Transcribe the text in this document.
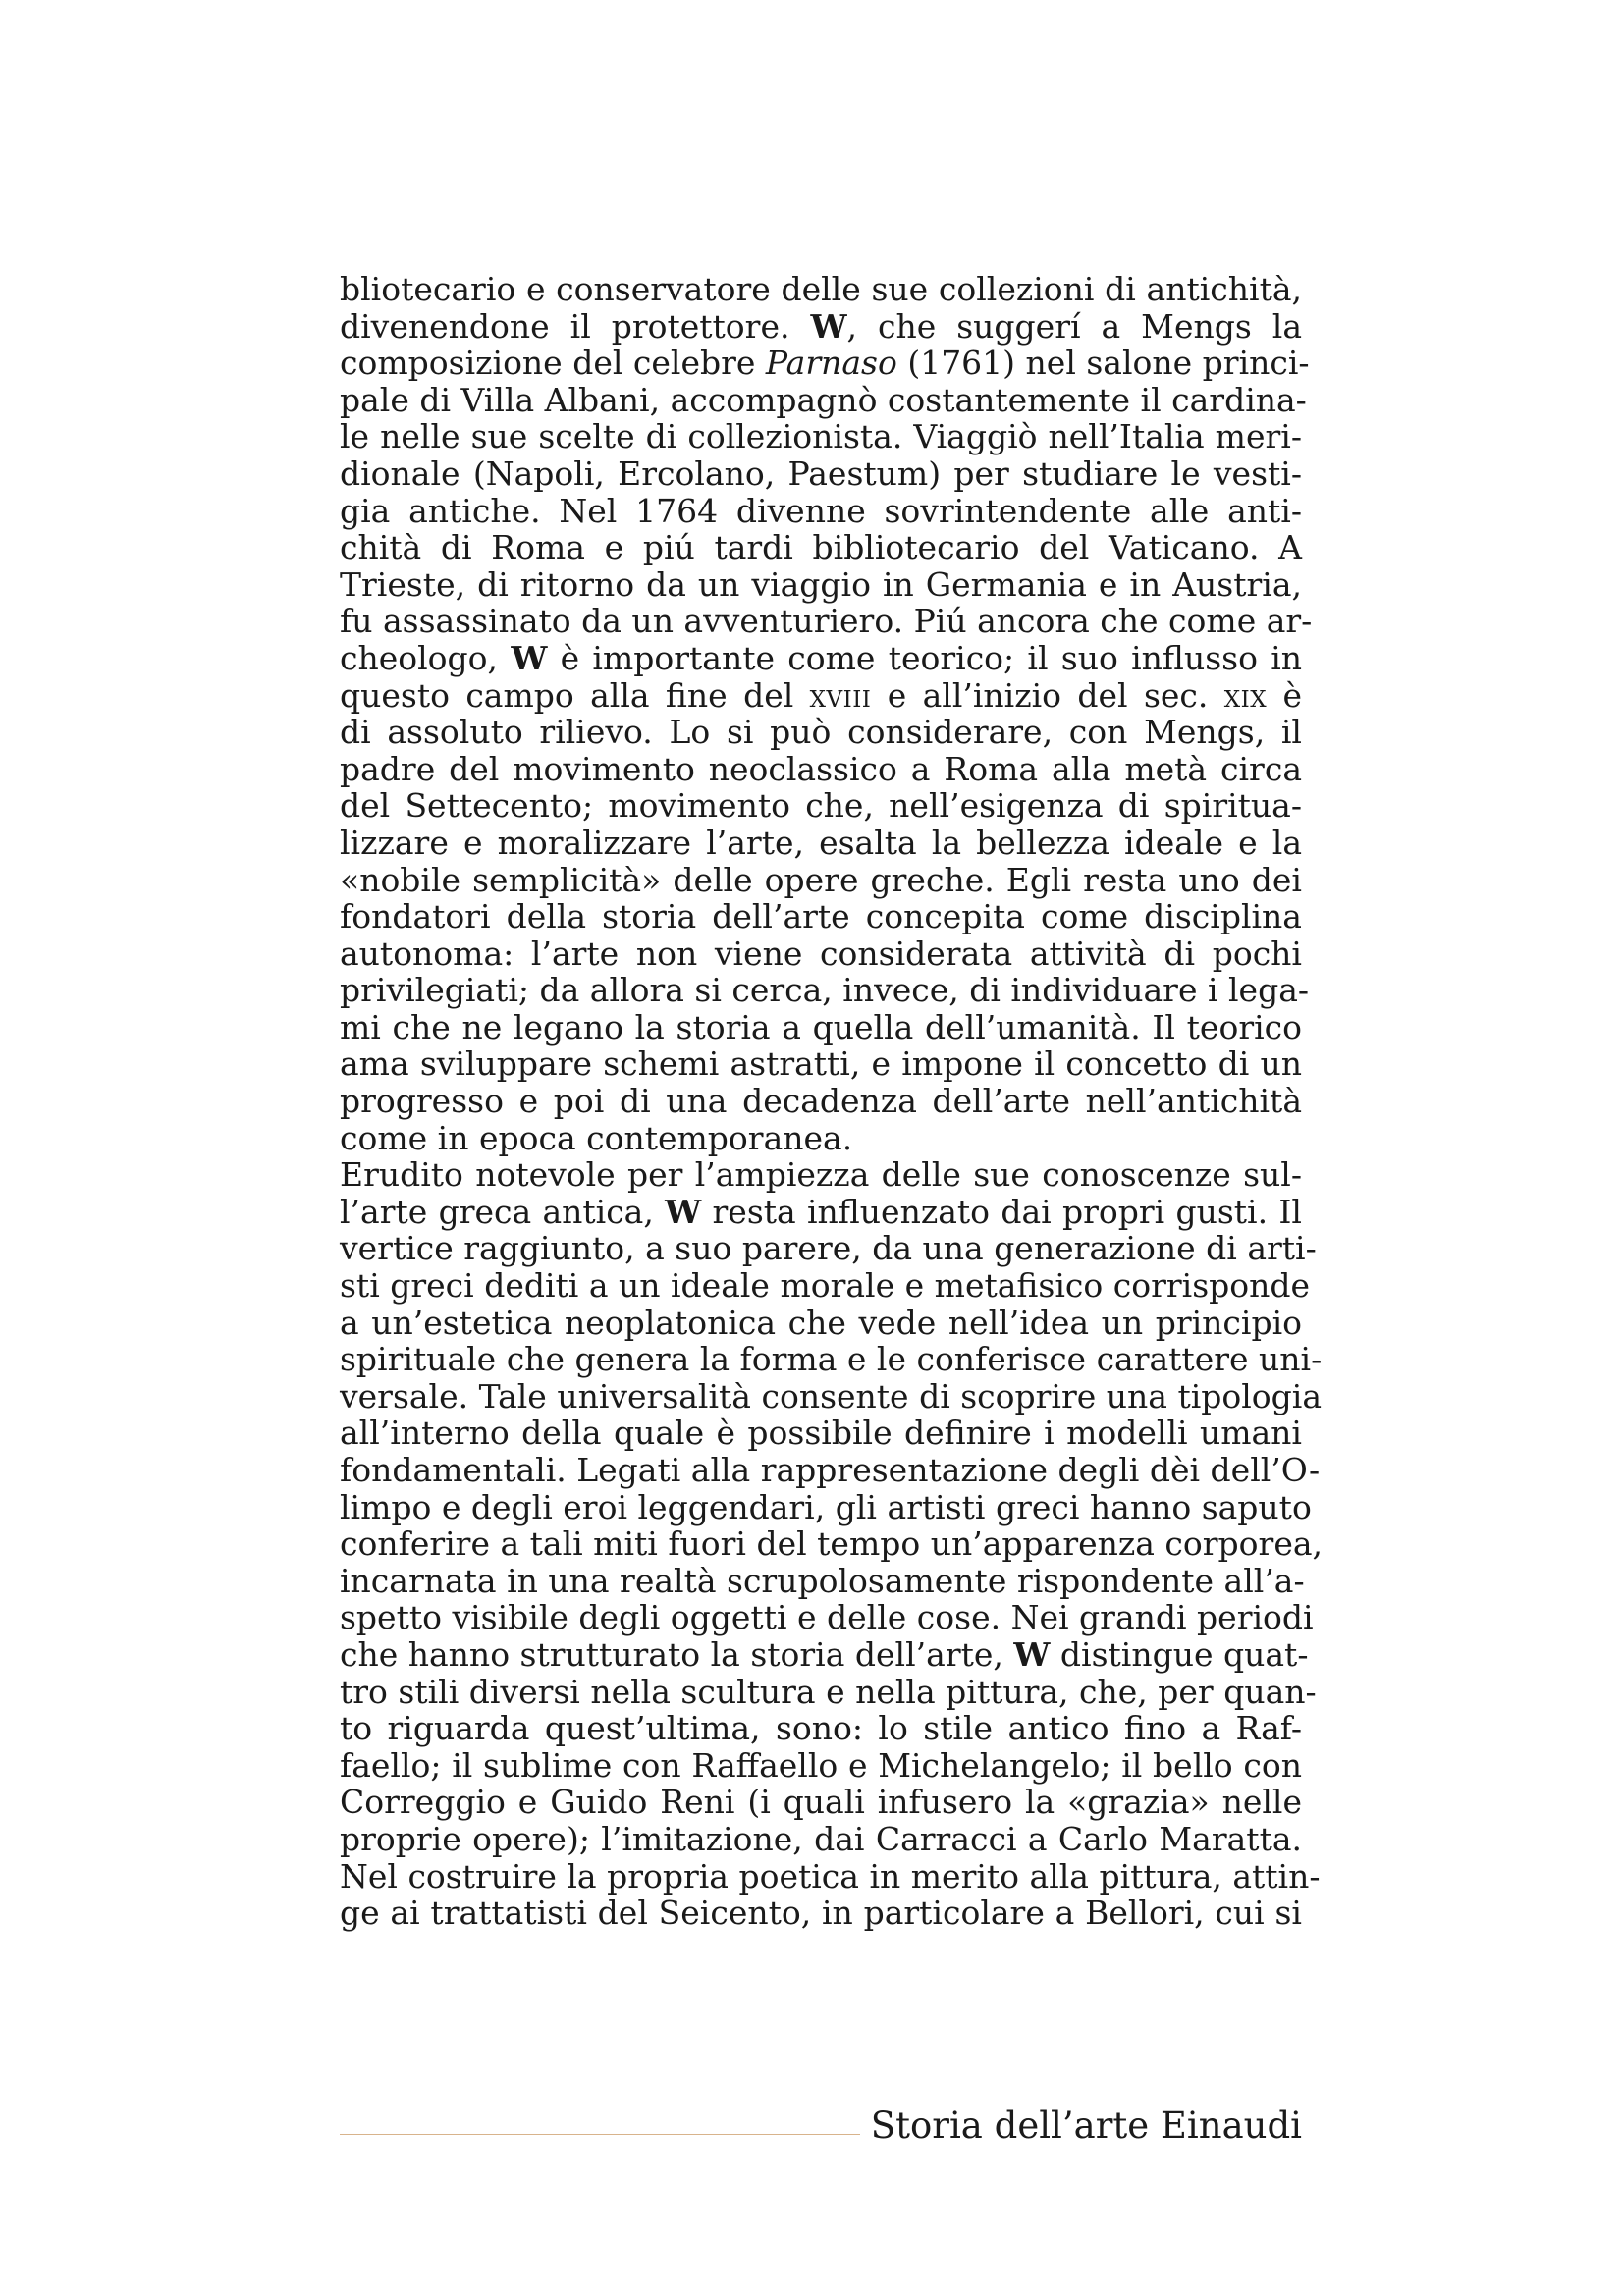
bliotecario e conservatore delle sue collezioni di antichità,
divenendone il protettore. W, che suggerí a Mengs la
composizione del celebre Parnaso (1761) nel salone princi-
pale di Villa Albani, accompagnò costantemente il cardina-
le nelle sue scelte di collezionista. Viaggiò nell’Italia meri-
dionale (Napoli, Ercolano, Paestum) per studiare le vesti-
gia antiche. Nel 1764 divenne sovrintendente alle anti-
chità di Roma e piú tardi bibliotecario del Vaticano. A
Trieste, di ritorno da un viaggio in Germania e in Austria,
fu assassinato da un avventuriero. Piú ancora che come ar-
cheologo, W è importante come teorico; il suo influsso in
questo campo alla fine del xviii e all’inizio del sec. xix è
di assoluto rilievo. Lo si può considerare, con Mengs, il
padre del movimento neoclassico a Roma alla metà circa
del Settecento; movimento che, nell’esigenza di spiritua-
lizzare e moralizzare l’arte, esalta la bellezza ideale e la
«nobile semplicità» delle opere greche. Egli resta uno dei
fondatori della storia dell’arte concepita come disciplina
autonoma: l’arte non viene considerata attività di pochi
privilegiati; da allora si cerca, invece, di individuare i lega-
mi che ne legano la storia a quella dell’umanità. Il teorico
ama sviluppare schemi astratti, e impone il concetto di un
progresso e poi di una decadenza dell’arte nell’antichità
come in epoca contemporanea.
Erudito notevole per l’ampiezza delle sue conoscenze sul-
l’arte greca antica, W resta influenzato dai propri gusti. Il
vertice raggiunto, a suo parere, da una generazione di arti-
sti greci dediti a un ideale morale e metafisico corrisponde
a un’estetica neoplatonica che vede nell’idea un principio
spirituale che genera la forma e le conferisce carattere uni-
versale. Tale universalità consente di scoprire una tipologia
all’interno della quale è possibile definire i modelli umani
fondamentali. Legati alla rappresentazione degli dèi dell’O-
limpo e degli eroi leggendari, gli artisti greci hanno saputo
conferire a tali miti fuori del tempo un’apparenza corporea,
incarnata in una realtà scrupolosamente rispondente all’a-
spetto visibile degli oggetti e delle cose. Nei grandi periodi
che hanno strutturato la storia dell’arte, W distingue quat-
tro stili diversi nella scultura e nella pittura, che, per quan-
to riguarda quest’ultima, sono: lo stile antico fino a Raf-
faello; il sublime con Raffaello e Michelangelo; il bello con
Correggio e Guido Reni (i quali infusero la «grazia» nelle
proprie opere); l’imitazione, dai Carracci a Carlo Maratta.
Nel costruire la propria poetica in merito alla pittura, attin-
ge ai trattatisti del Seicento, in particolare a Bellori, cui si
Storia dell’arte Einaudi
